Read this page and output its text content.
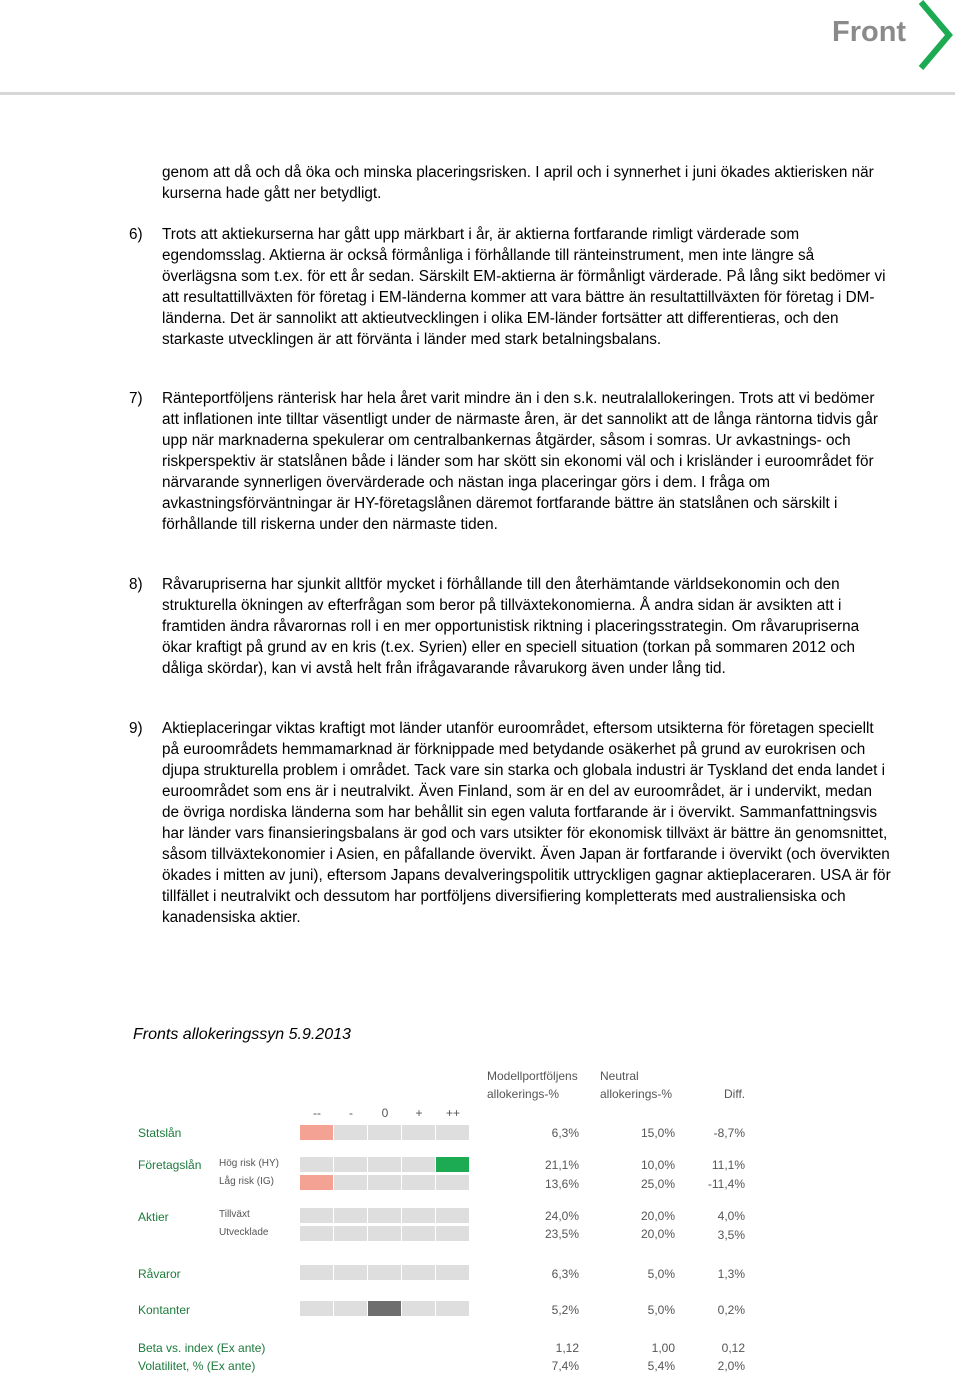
Front

genom att då och då öka och minska placeringsrisken. I april och i synnerhet i juni ökades aktierisken när kurserna hade gått ner betydligt.

6) Trots att aktiekurserna har gått upp märkbart i år, är aktierna fortfarande rimligt värderade som egendomsslag. Aktierna är också förmånliga i förhållande till ränteinstrument, men inte längre så överlägsna som t.ex. för ett år sedan. Särskilt EM-aktierna är förmånligt värderade. På lång sikt bedömer vi att resultattillväxten för företag i EM-länderna kommer att vara bättre än resultattillväxten för företag i DM-länderna. Det är sannolikt att aktieutvecklingen i olika EM-länder fortsätter att differentieras, och den starkaste utvecklingen är att förvänta i länder med stark betalningsbalans.

7) Ränteportföljens ränterisk har hela året varit mindre än i den s.k. neutralallokeringen. Trots att vi bedömer att inflationen inte tilltar väsentligt under de närmaste åren, är det sannolikt att de långa räntorna tidvis går upp när marknaderna spekulerar om centralbankernas åtgärder, såsom i somras. Ur avkastnings- och riskperspektiv är statslånen både i länder som har skött sin ekonomi väl och i krisländer i euroområdet för närvarande synnerligen övervärderade och nästan inga placeringar görs i dem. I fråga om avkastningsförväntningar är HY-företagslånen däremot fortfarande bättre än statslånen och särskilt i förhållande till riskerna under den närmaste tiden.

8) Råvarupriserna har sjunkit alltför mycket i förhållande till den återhämtande världsekonomin och den strukturella ökningen av efterfrågan som beror på tillväxtekonomierna. Å andra sidan är avsikten att i framtiden ändra råvarornas roll i en mer opportunistisk riktning i placeringsstrategin. Om råvarupriserna ökar kraftigt på grund av en kris (t.ex. Syrien) eller en speciell situation (torkan på sommaren 2012 och dåliga skördar), kan vi avstå helt från ifrågavarande råvarukorg även under lång tid.

9) Aktieplaceringar viktas kraftigt mot länder utanför euroområdet, eftersom utsikterna för företagen speciellt på euroområdets hemmamarknad är förknippade med betydande osäkerhet på grund av eurokrisen och djupa strukturella problem i området. Tack vare sin starka och globala industri är Tyskland det enda landet i euroområdet som ens är i neutralvikt. Även Finland, som är en del av euroområdet, är i undervikt, medan de övriga nordiska länderna som har behållit sin egen valuta fortfarande är i övervikt. Sammanfattningsvis har länder vars finansieringsbalans är god och vars utsikter för ekonomisk tillväxt är bättre än genomsnittet, såsom tillväxtekonomier i Asien, en påfallande övervikt. Även Japan är fortfarande i övervikt (och övervikten ökades i mitten av juni), eftersom Japans devalveringspolitik uttryckligen gagnar aktieplaceraren. USA är för tillfället i neutralvikt och dessutom har portföljens diversifiering kompletterats med australiensiska och kanadensiska aktier.

Fronts allokeringssyn 5.9.2013
Modellportföljens
allokerings-%
Neutral
allokerings-%	Diff.
--	-	0	+	++
Statslån	6,3%	15,0%	-8,7%
Företagslån Hög risk (HY)	21,1%	10,0%	11,1%
Låg risk (IG)	13,6%	25,0%	-11,4%
Aktier	Tillväxt	24,0%	20,0%	4,0%
Utvecklade	23,5%	20,0%	3,5%
Råvaror	6,3%	5,0%	1,3%
Kontanter	5,2%	5,0%	0,2%
Beta vs. index (Ex ante)	1,12	1,00	0,12
Volatilitet, % (Ex ante)	7,4%	5,4%	2,0%
